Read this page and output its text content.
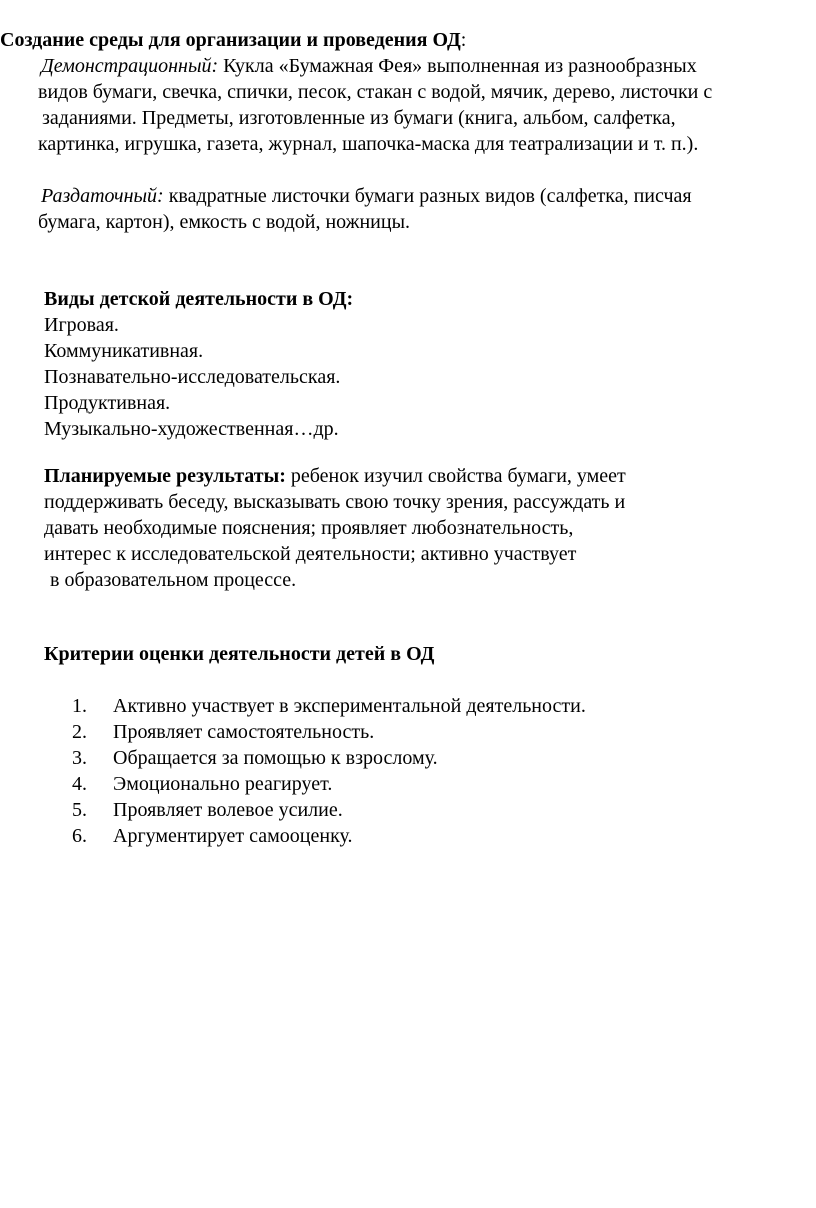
Создание среды для организации и проведения ОД:
Демонстрационный: Кукла «Бумажная Фея» выполненная из разнообразных
видов бумаги, свечка, спички, песок, стакан с водой, мячик, дерево, листочки с
заданиями. Предметы, изготовленные из бумаги (книга, альбом, салфетка,
картинка, игрушка, газета, журнал, шапочка-маска для театрализации и т. п.).
Раздаточный: квадратные листочки бумаги разных видов (салфетка, писчая
бумага, картон), емкость с водой, ножницы.
Виды детской деятельности в ОД:
Игровая.
Коммуникативная.
Познавательно-исследовательская.
Продуктивная.
Музыкально-художественная…др.
Планируемые результаты: ребенок изучил свойства бумаги, умеет
поддерживать беседу, высказывать свою точку зрения, рассуждать и
давать необходимые пояснения; проявляет любознательность,
интерес к исследовательской деятельности; активно участвует
в образовательном процессе.
Критерии оценки деятельности детей в ОД
1.	Активно участвует в экспериментальной деятельности.
2.	Проявляет самостоятельность.
3.	Обращается за помощью к взрослому.
4.	Эмоционально реагирует.
5.	Проявляет волевое усилие.
6.	Аргументирует самооценку.
